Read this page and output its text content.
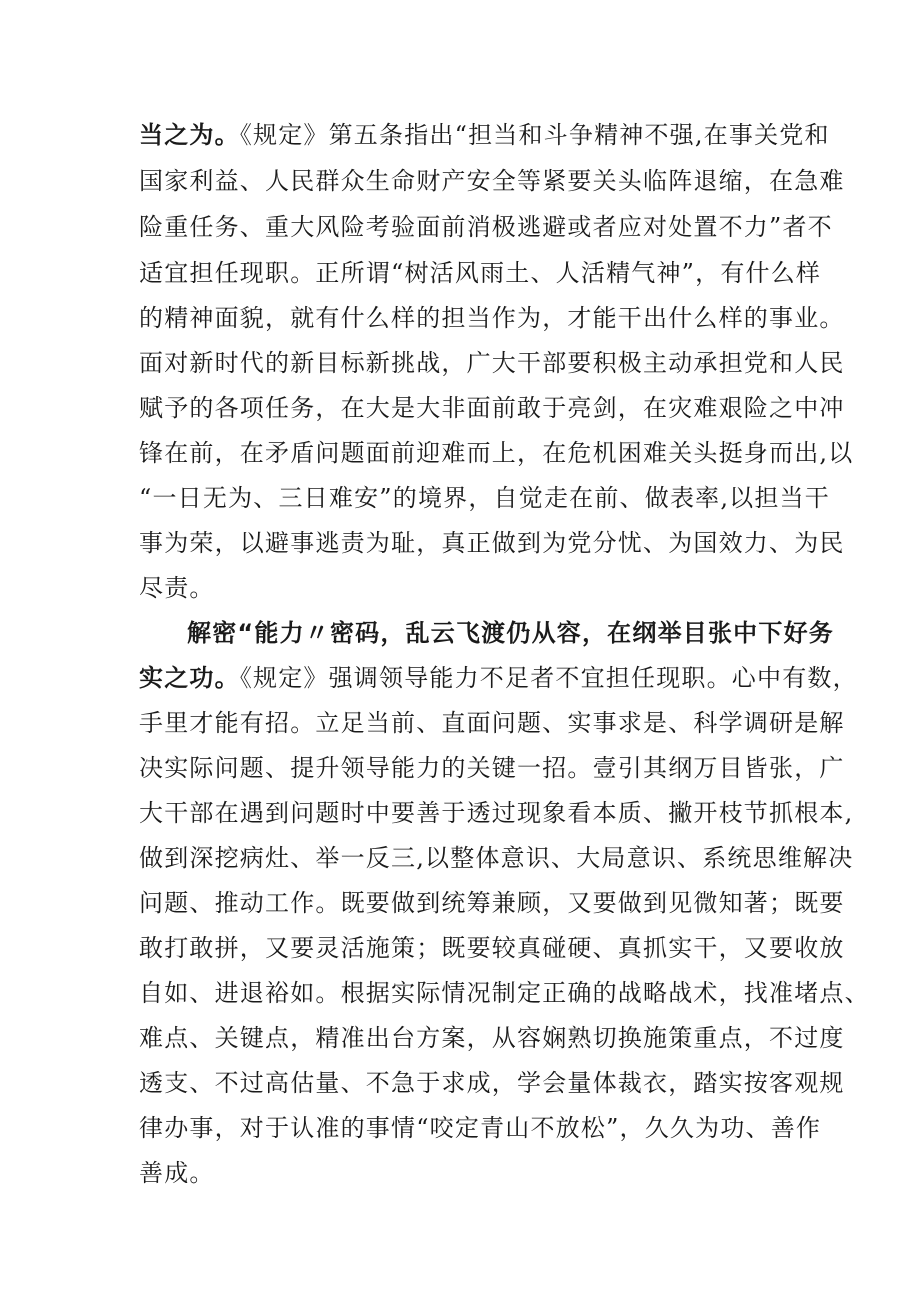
当之为。《规定》第五条指出“担当和斗争精神不强,在事关党和
国家利益、人民群众生命财产安全等紧要关头临阵退缩，在急难
险重任务、重大风险考验面前消极逃避或者应对处置不力”者不
适宜担任现职。正所谓“树活风雨土、人活精气神”，有什么样
的精神面貌，就有什么样的担当作为，才能干出什么样的事业。
面对新时代的新目标新挑战，广大干部要积极主动承担党和人民
赋予的各项任务，在大是大非面前敢于亮剑，在灾难艰险之中冲
锋在前，在矛盾问题面前迎难而上，在危机困难关头挺身而出,以
“一日无为、三日难安”的境界，自觉走在前、做表率,以担当干
事为荣，以避事逃责为耻，真正做到为党分忧、为国效力、为民
尽责。
解密“能力〃密码，乱云飞渡仍从容，在纲举目张中下好务
实之功。《规定》强调领导能力不足者不宜担任现职。心中有数，
手里才能有招。立足当前、直面问题、实事求是、科学调研是解
决实际问题、提升领导能力的关键一招。壹引其纲万目皆张，广
大干部在遇到问题时中要善于透过现象看本质、撇开枝节抓根本,
做到深挖病灶、举一反三,以整体意识、大局意识、系统思维解决
问题、推动工作。既要做到统筹兼顾，又要做到见微知著；既要
敢打敢拼，又要灵活施策；既要较真碰硬、真抓实干，又要收放
自如、进退裕如。根据实际情况制定正确的战略战术，找准堵点、
难点、关键点，精准出台方案，从容娴熟切换施策重点，不过度
透支、不过高估量、不急于求成，学会量体裁衣，踏实按客观规
律办事，对于认准的事情“咬定青山不放松”，久久为功、善作
善成。
